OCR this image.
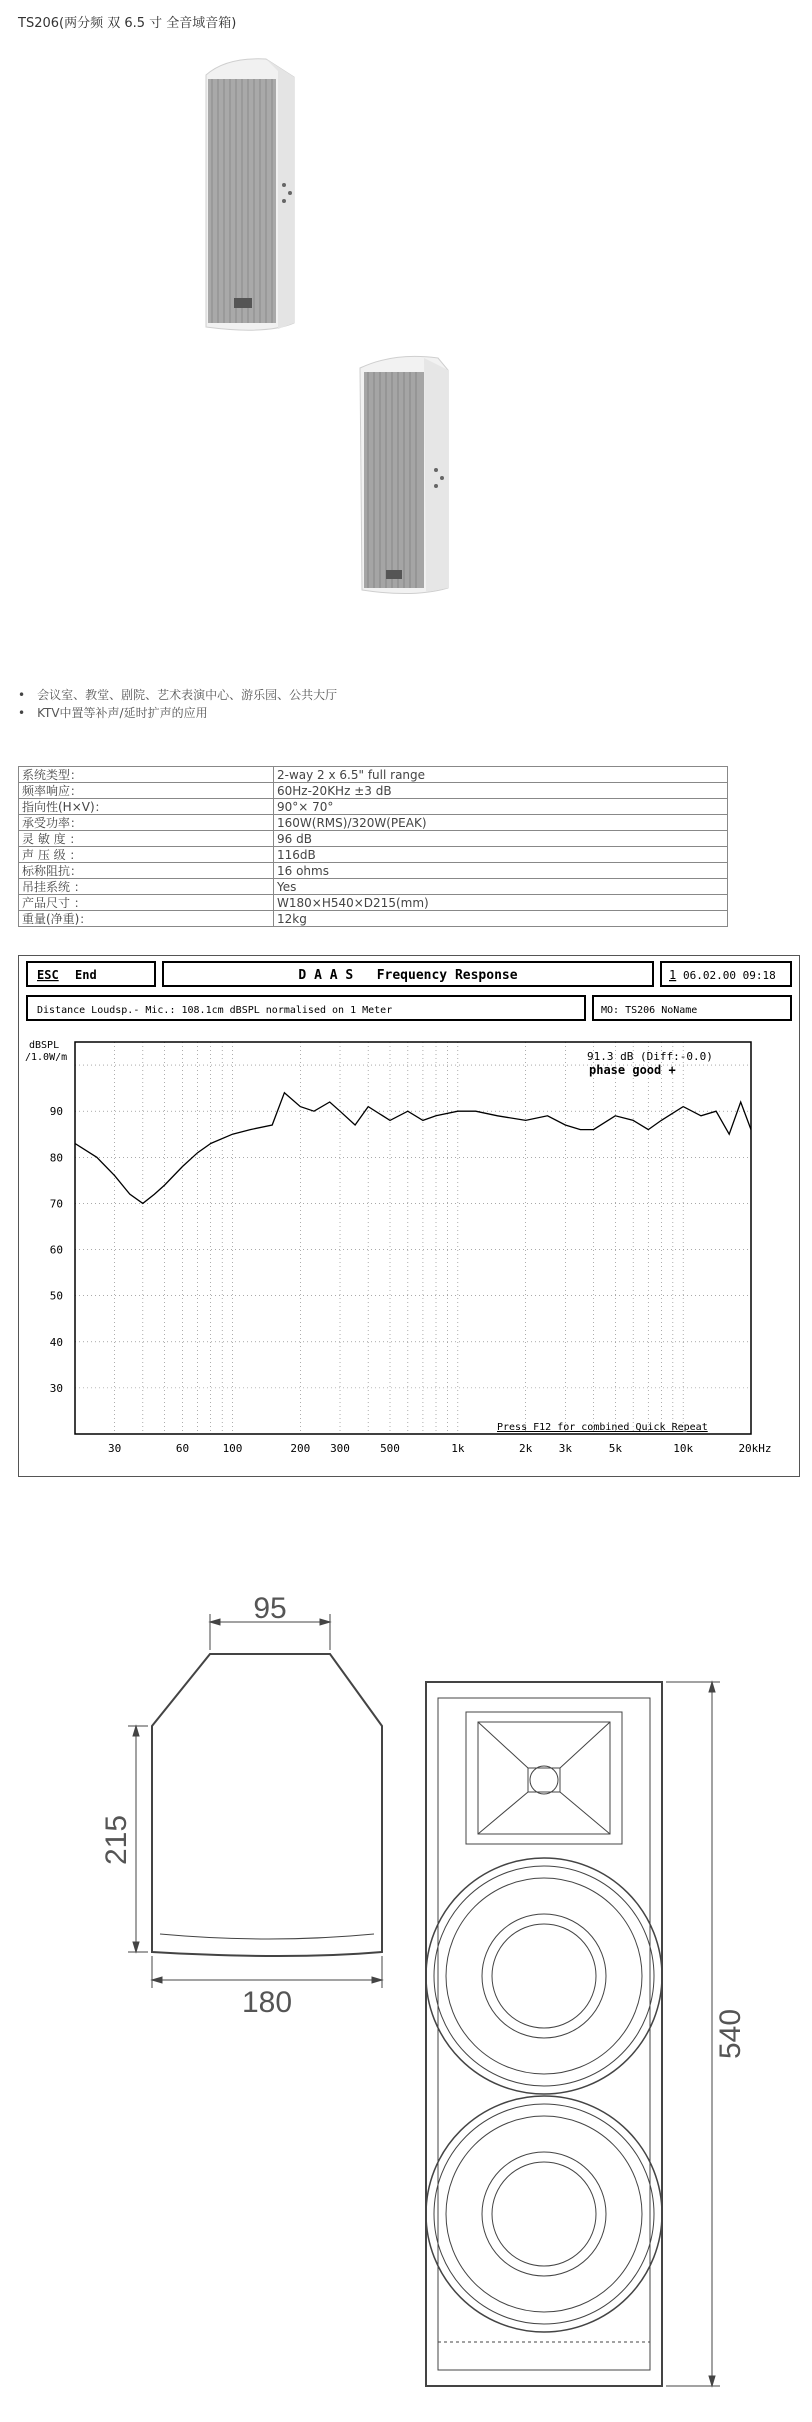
TS206(两分频 双 6.5 寸 全音域音箱)
• 会议室、教堂、剧院、艺术表演中心、游乐园、公共大厅
• KTV中置等补声/延时扩声的应用
系统类型：	2-way 2 x 6.5" full range
频率响应：	60Hz-20KHz ±3 dB
指向性(H×V)：	90°× 70°
承受功率：	160W(RMS)/320W(PEAK)
灵 敏 度 ：	96 dB
声 压 级 ：	116dB
标称阻抗：	16 ohms
吊挂系统 ：	Yes
产品尺寸 ：	W180×H540×D215(mm)
重量(净重)：	12kg
ESC End	D A A S   Frequency Response	1 06.02.00 09:18
Distance Loudsp.- Mic.: 108.1cm dBSPL normalised on 1 Meter	MO: TS206 NoName
dBSPL
/1.0W/m
90
80
70
60
50
40
30
30	60	100	200 300	500	1k	2k 3k	5k	10k	20kHz
91.3 dB (Diff:-0.0)
phase good +
Press F12 for combined Quick Repeat
95
215
180
540
